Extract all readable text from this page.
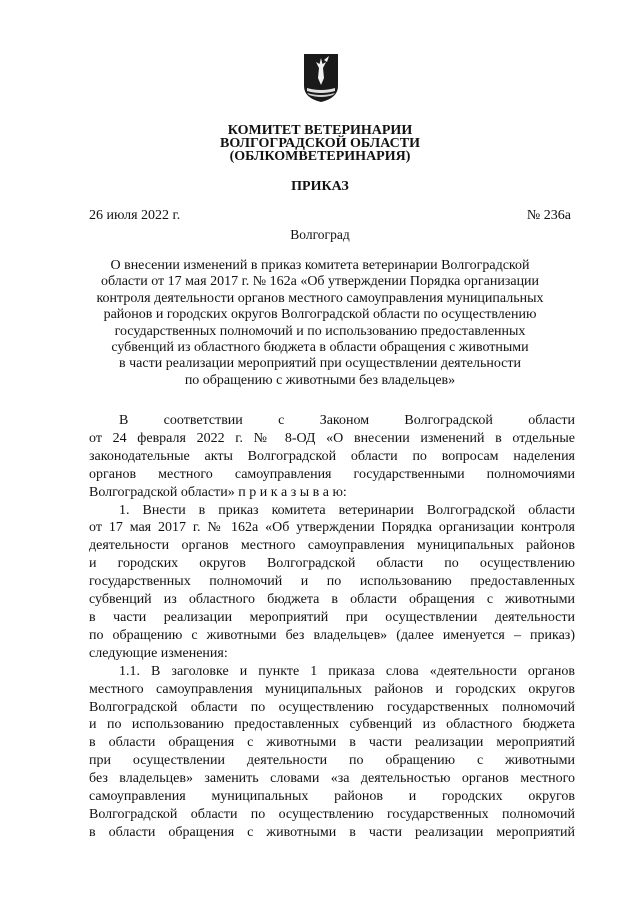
КОМИТЕТ ВЕТЕРИНАРИИ
ВОЛГОГРАДСКОЙ ОБЛАСТИ
(ОБЛКОМВЕТЕРИНАРИЯ)
ПРИКАЗ
26 июля 2022 г.	№ 236а
Волгоград
О внесении изменений в приказ комитета ветеринарии Волгоградской
области от 17 мая 2017 г. № 162а «Об утверждении Порядка организации
контроля деятельности органов местного самоуправления муниципальных
районов и городских округов Волгоградской области по осуществлению
государственных полномочий и по использованию предоставленных
субвенций из областного бюджета в области обращения с животными
в части реализации мероприятий при осуществлении деятельности
по обращению с животными без владельцев»
В соответствии с Законом Волгоградской области
от 24 февраля 2022 г. № 8-ОД «О внесении изменений в отдельные
законодательные акты Волгоградской области по вопросам наделения
органов местного самоуправления государственными полномочиями
Волгоградской области» п р и к а з ы в а ю:
1. Внести в приказ комитета ветеринарии Волгоградской области
от 17 мая 2017 г. № 162а «Об утверждении Порядка организации контроля
деятельности органов местного самоуправления муниципальных районов
и городских округов Волгоградской области по осуществлению
государственных полномочий и по использованию предоставленных
субвенций из областного бюджета в области обращения с животными
в части реализации мероприятий при осуществлении деятельности
по обращению с животными без владельцев» (далее именуется – приказ)
следующие изменения:
1.1. В заголовке и пункте 1 приказа слова «деятельности органов
местного самоуправления муниципальных районов и городских округов
Волгоградской области по осуществлению государственных полномочий
и по использованию предоставленных субвенций из областного бюджета
в области обращения с животными в части реализации мероприятий
при осуществлении деятельности по обращению с животными
без владельцев» заменить словами «за деятельностью органов местного
самоуправления муниципальных районов и городских округов
Волгоградской области по осуществлению государственных полномочий
в области обращения с животными в части реализации мероприятий
